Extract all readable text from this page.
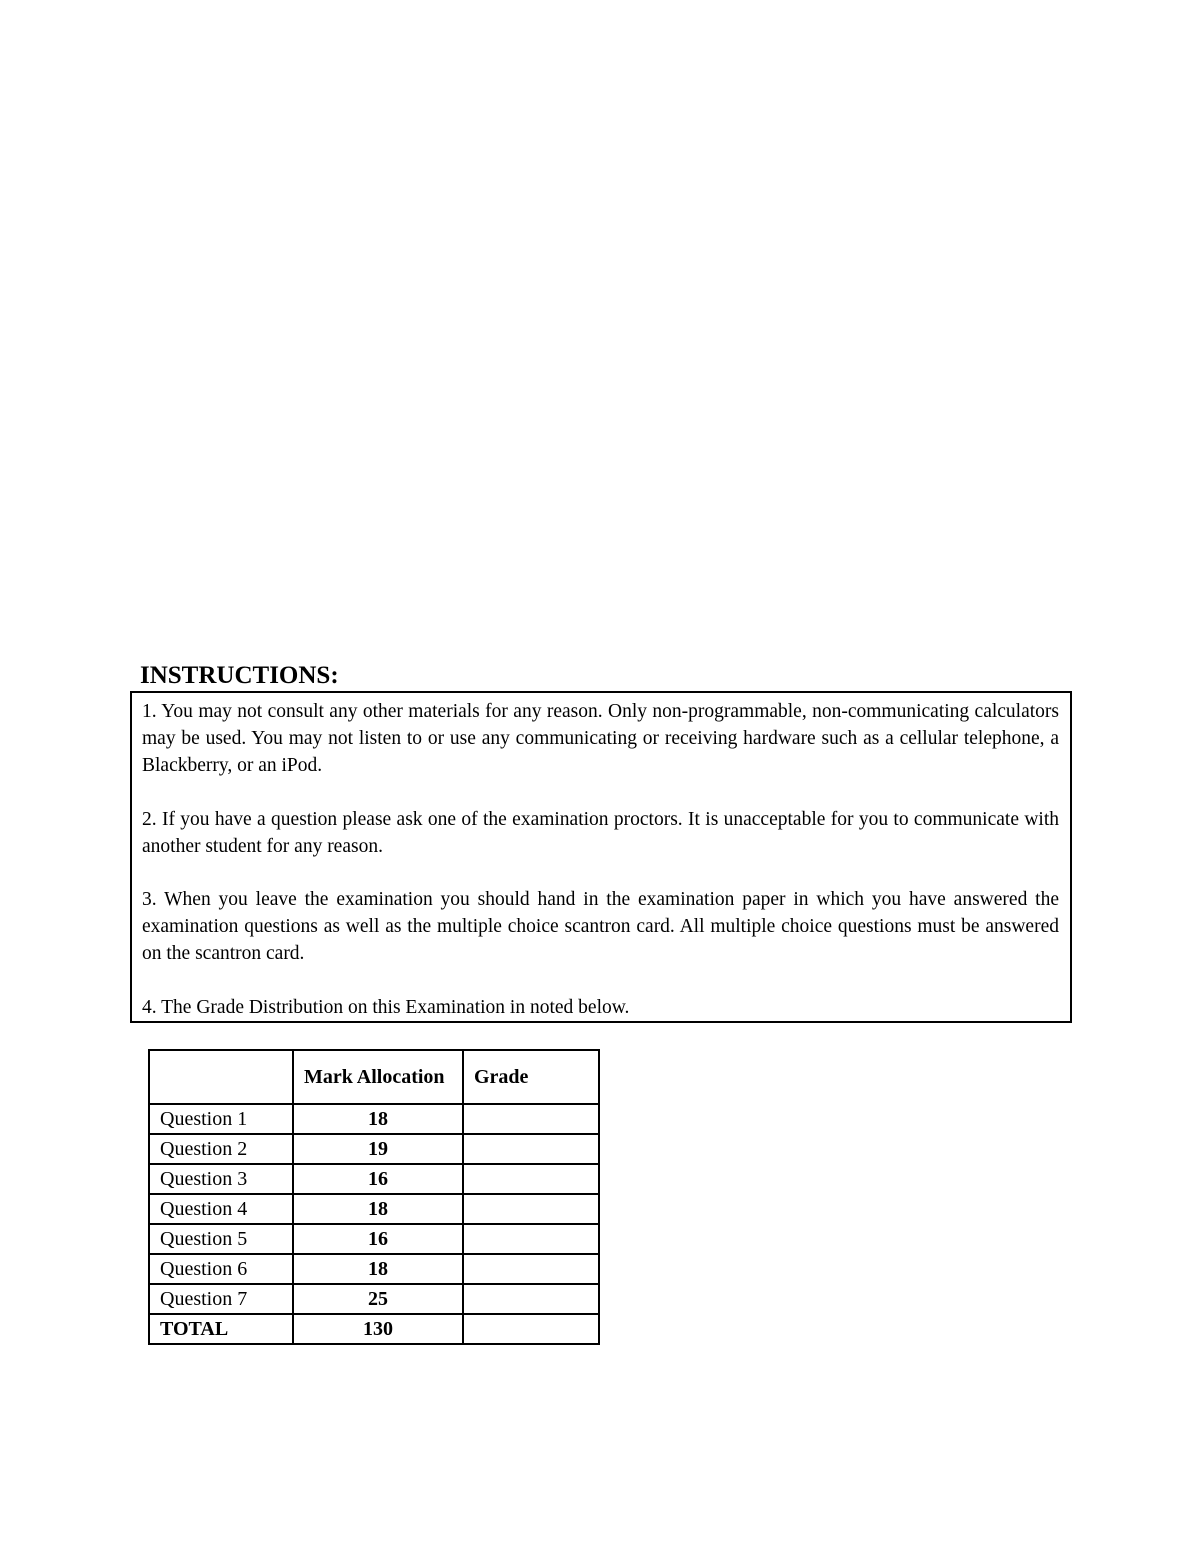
INSTRUCTIONS:

1. You may not consult any other materials for any reason. Only non-programmable, non-communicating calculators may be used. You may not listen to or use any communicating or receiving hardware such as a cellular telephone, a Blackberry, or an iPod.

2. If you have a question please ask one of the examination proctors. It is unacceptable for you to communicate with another student for any reason.

3. When you leave the examination you should hand in the examination paper in which you have answered the examination questions as well as the multiple choice scantron card. All multiple choice questions must be answered on the scantron card.

4. The Grade Distribution on this Examination in noted below.

	Mark Allocation	Grade
Question 1	18	
Question 2	19	
Question 3	16	
Question 4	18	
Question 5	16	
Question 6	18	
Question 7	25	
TOTAL	130	
